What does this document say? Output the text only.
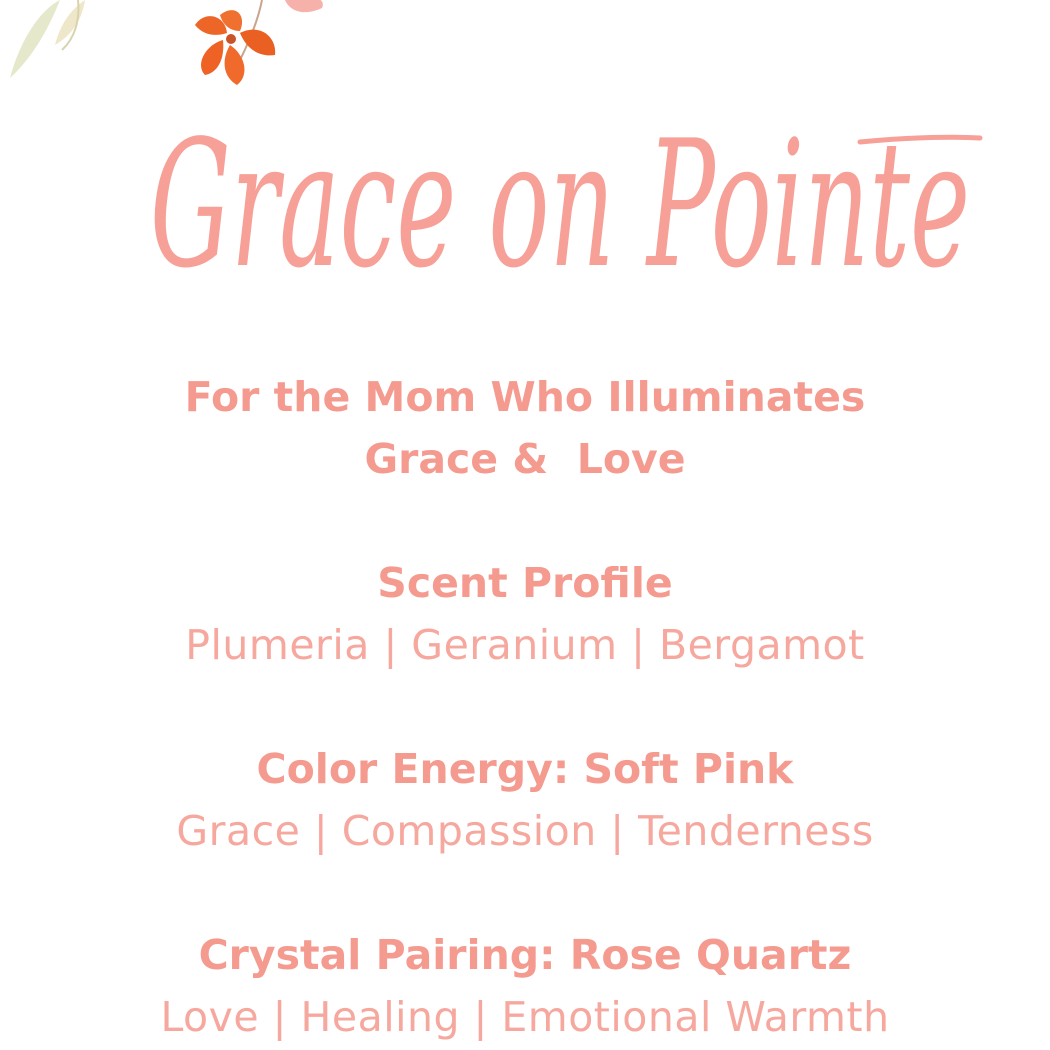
Grace on Pointe
For the Mom Who Illuminates
Grace &  Love
Scent Profile
Plumeria | Geranium | Bergamot
Color Energy: Soft Pink
Grace | Compassion | Tenderness
Crystal Pairing: Rose Quartz
Love | Healing | Emotional Warmth
